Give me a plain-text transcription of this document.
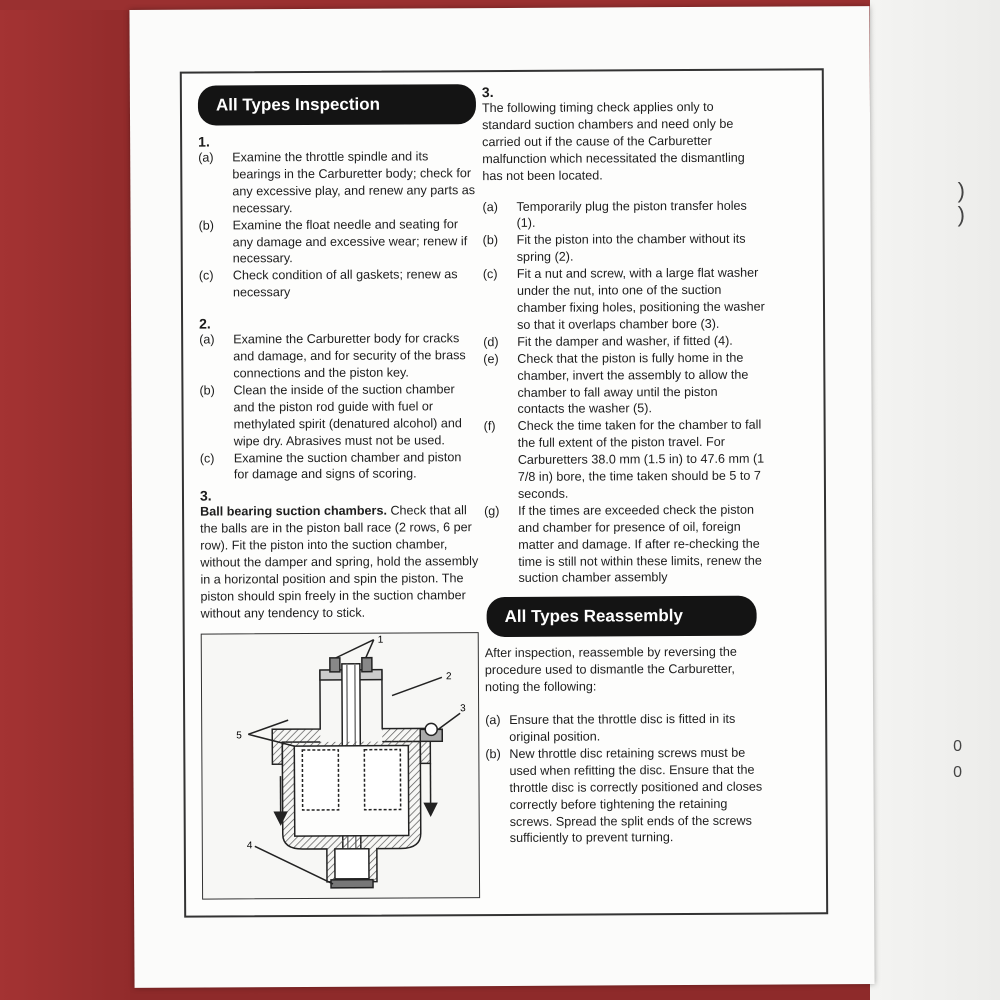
)
)
0
0
All Types Inspection

1.

(a)	Examine the throttle spindle and its bearings in the Carburetter body; check for any excessive play, and renew any parts as necessary.
(b)	Examine the float needle and seating for any damage and excessive wear; renew if necessary.
(c)	Check condition of all gaskets; renew as necessary

2.

(a)	Examine the Carburetter body for cracks and damage, and for security of the brass connections and the piston key.
(b)	Clean the inside of the suction chamber and the piston rod guide with fuel or methylated spirit (denatured alcohol) and wipe dry. Abrasives must not be used.
(c)	Examine the suction chamber and piston for damage and signs of scoring.

3.

Ball bearing suction chambers. Check that all the balls are in the piston ball race (2 rows, 6 per row). Fit the piston into the suction chamber, without the damper and spring, hold the assembly in a horizontal position and spin the piston. The piston should spin freely in the suction chamber without any tendency to stick.
1
2
3
4
5

3.

The following timing check applies only to standard suction chambers and need only be carried out if the cause of the Carburetter malfunction which necessitated the dismantling has not been located.
(a)	Temporarily plug the piston transfer holes (1).
(b)	Fit the piston into the chamber without its spring (2).
(c)	Fit a nut and screw, with a large flat washer under the nut, into one of the suction chamber fixing holes, positioning the washer so that it overlaps chamber bore (3).
(d)	Fit the damper and washer, if fitted (4).
(e)	Check that the piston is fully home in the chamber, invert the assembly to allow the chamber to fall away until the piston contacts the washer (5).
(f)	Check the time taken for the chamber to fall the full extent of the piston travel. For Carburetters 38.0 mm (1.5 in) to 47.6 mm (1 7/8 in) bore, the time taken should be 5 to 7 seconds.
(g)	If the times are exceeded check the piston and chamber for presence of oil, foreign matter and damage. If after re-checking the time is still not within these limits, renew the suction chamber assembly
All Types Reassembly
After inspection, reassemble by reversing the procedure used to dismantle the Carburetter, noting the following:
(a) Ensure that the throttle disc is fitted in its original position.
(b) New throttle disc retaining screws must be used when refitting the disc. Ensure that the throttle disc is correctly positioned and closes correctly before tightening the retaining screws. Spread the split ends of the screws sufficiently to prevent turning.
